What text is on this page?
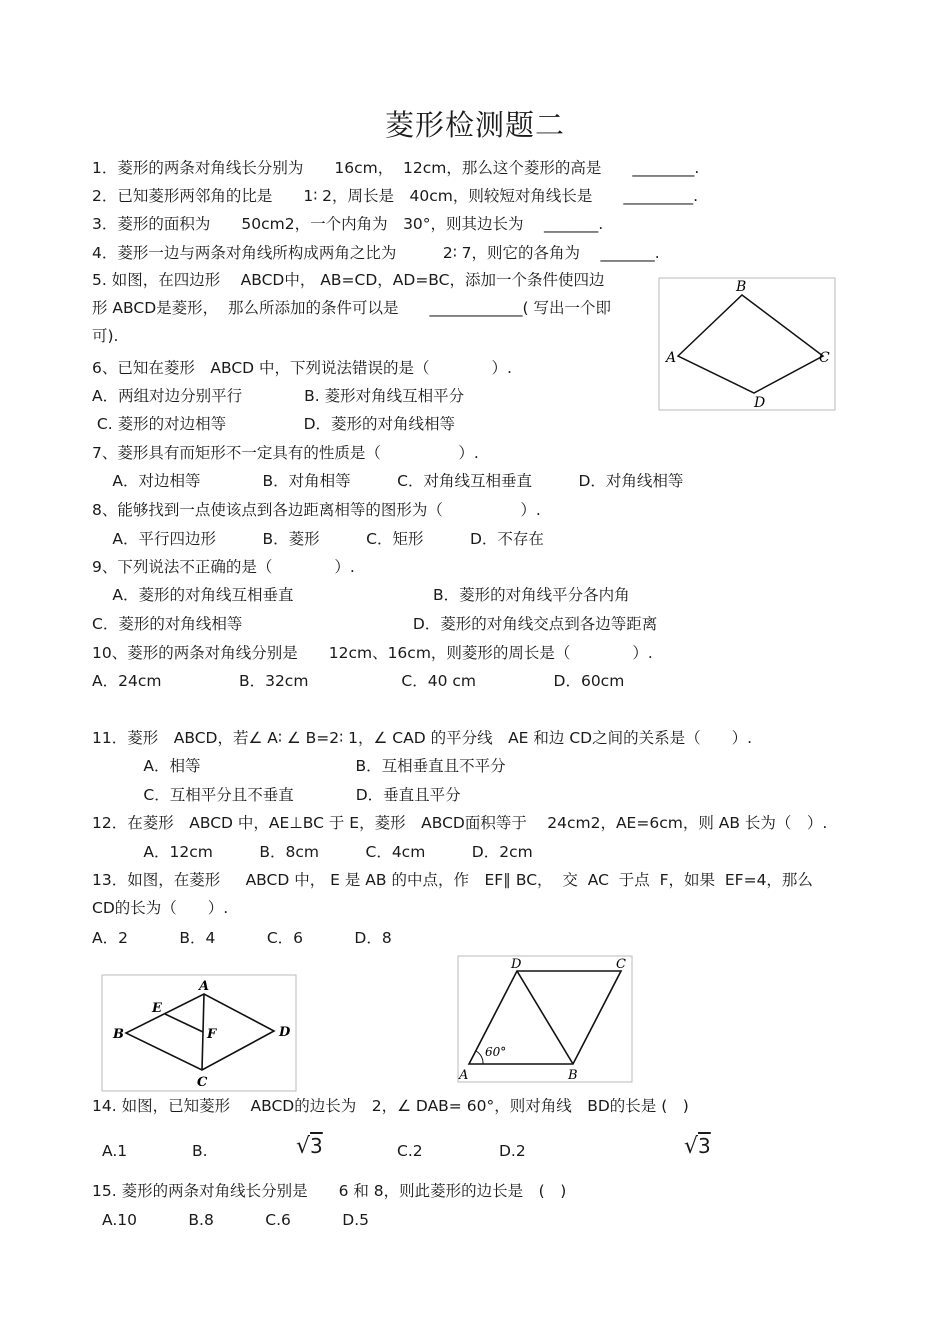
菱形检测题二
1．菱形的两条对角线长分别为　　16cm，  12cm，那么这个菱形的高是　　________.
2．已知菱形两邻角的比是　　1∶ 2，周长是　40cm，则较短对角线长是　　_________.
3．菱形的面积为　　50cm2，一个内角为　30°，则其边长为　 _______.
4．菱形一边与两条对角线所构成两角之比为　　　2∶ 7，则它的各角为　 _______.
5. 如图，在四边形　 ABCD中， AB=CD，AD=BC，添加一个条件使四边
形 ABCD是菱形，  那么所添加的条件可以是　　____________( 写出一个即
可).
B
A	C
D
6、已知在菱形　ABCD 中，下列说法错误的是（　　　　）.
A．两组对边分别平行　　　　B. 菱形对角线互相平分
C. 菱形的对边相等　　　　　D．菱形的对角线相等
7、菱形具有而矩形不一定具有的性质是（　　　　　）.
　 A．对边相等　　　　B．对角相等　　　C．对角线互相垂直　　　D．对角线相等
8、能够找到一点使该点到各边距离相等的图形为（　　　　　）.
　 A．平行四边形　　　B．菱形　　　C．矩形　　　D．不存在
9、下列说法不正确的是（　　　　）.
　 A．菱形的对角线互相垂直　　　　　　　　　B．菱形的对角线平分各内角
C．菱形的对角线相等　　　　　　　　　　　D．菱形的对角线交点到各边等距离
10、菱形的两条对角线分别是　　12cm、16cm，则菱形的周长是（　　　　）.
A．24cm　　　　　B．32cm　　　　　　C．40 cm　　　　　D．60cm
11．菱形　ABCD，若∠ A∶ ∠ B=2∶ 1，∠ CAD 的平分线　AE 和边 CD之间的关系是（　　）.
　　　 A．相等　　　　　　　　　　B．互相垂直且不平分
　　　 C．互相平分且不垂直　　　　D．垂直且平分
12．在菱形　ABCD 中，AE⊥BC 于 E，菱形　ABCD面积等于　 24cm2，AE=6cm，则 AB 长为（　）.
　　　 A．12cm　　　B．8cm　　　C．4cm　　　D．2cm
13．如图，在菱形　  ABCD 中， E 是 AB 的中点，作　EF∥ BC，  交  AC  于点  F，如果  EF=4，那么
CD的长为（　　）.
A．2　　　 B．4　　　 C．6　　　 D．8
A
E
B	F	D
C
D	C
A	B
60°
14. 如图，已知菱形　 ABCD的边长为　2，∠ DAB= 60°，则对角线　BD的长是 (　)
A.1	B.	√3	C.2	D.2	√3
15. 菱形的两条对角线长分别是　　6 和 8，则此菱形的边长是　(　)
A.10　　　 B.8　　　 C.6　　　 D.5
